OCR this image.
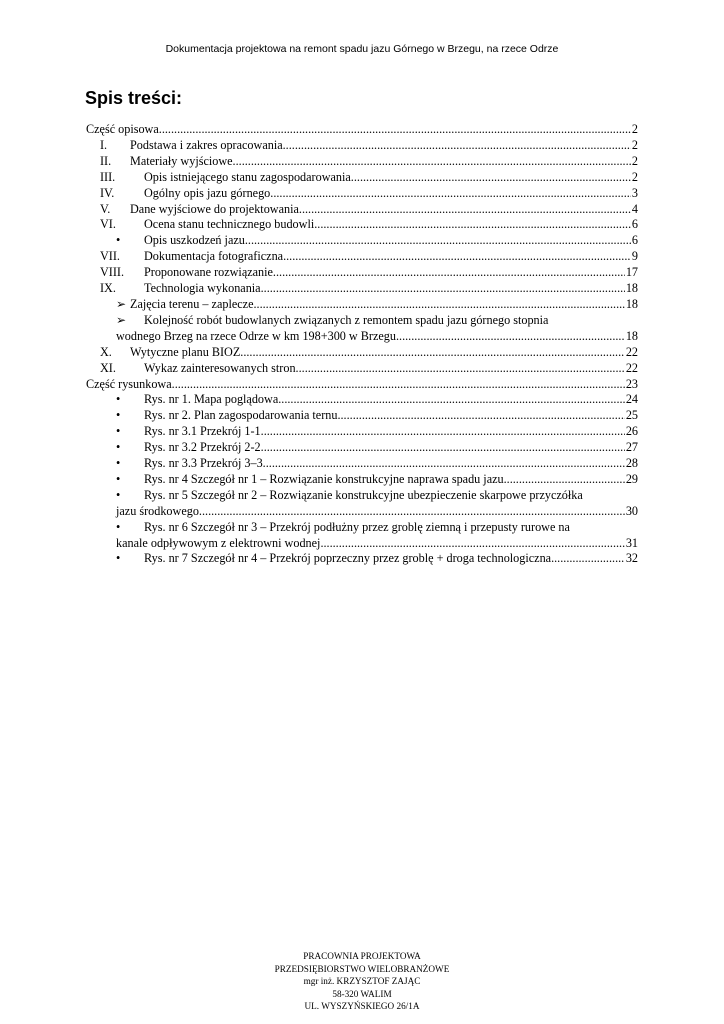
Dokumentacja projektowa na remont spadu jazu Górnego w Brzegu, na rzece Odrze
Spis treści:
Część opisowa .....	2
I.	Podstawa i zakres opracowania .....	2
II.	Materiały wyjściowe .....	2
III.	Opis istniejącego stanu zagospodarowania .....	2
IV.	Ogólny opis jazu górnego .....	3
V.	Dane wyjściowe do projektowania .....	4
VI.	Ocena stanu technicznego budowli .....	6
•	Opis uszkodzeń jazu .....	6
VII.	Dokumentacja fotograficzna .....	9
VIII.	Proponowane rozwiązanie. .....	17
IX.	Technologia wykonania. .....	18
➢ Zajęcia terenu – zaplecze .....	18
➢ Kolejność robót budowlanych związanych z remontem spadu jazu górnego stopnia
wodnego Brzeg na rzece Odrze w km 198+300 w Brzegu .....	18
X.	Wytyczne planu BIOZ. .....	22
XI.	Wykaz zainteresowanych stron. .....	22
Część rysunkowa. .....	23
•	Rys. nr 1. Mapa poglądowa .....	24
•	Rys. nr 2. Plan zagospodarowania ternu .....	25
•	Rys. nr 3.1 Przekrój 1-1 .....	26
•	Rys. nr 3.2 Przekrój 2-2 .....	27
•	Rys. nr 3.3 Przekrój 3–3 .....	28
•	Rys. nr 4 Szczegół nr 1 – Rozwiązanie konstrukcyjne naprawa spadu jazu .....	29
• Rys. nr 5 Szczegół nr 2 – Rozwiązanie konstrukcyjne ubezpieczenie skarpowe przyczółka
jazu środkowego .....	30
• Rys. nr 6 Szczegół nr 3 – Przekrój podłużny przez groblę ziemną i przepusty rurowe na
kanale odpływowym z elektrowni wodnej .....	31
•	Rys. nr 7 Szczegół nr 4 – Przekrój poprzeczny przez groblę + droga technologiczna .....	32
PRACOWNIA PROJEKTOWA
PRZEDSIĘBIORSTWO WIELOBRANŻOWE
mgr inż. KRZYSZTOF ZAJĄC
58-320 WALIM
UL. WYSZYŃSKIEGO 26/1A
